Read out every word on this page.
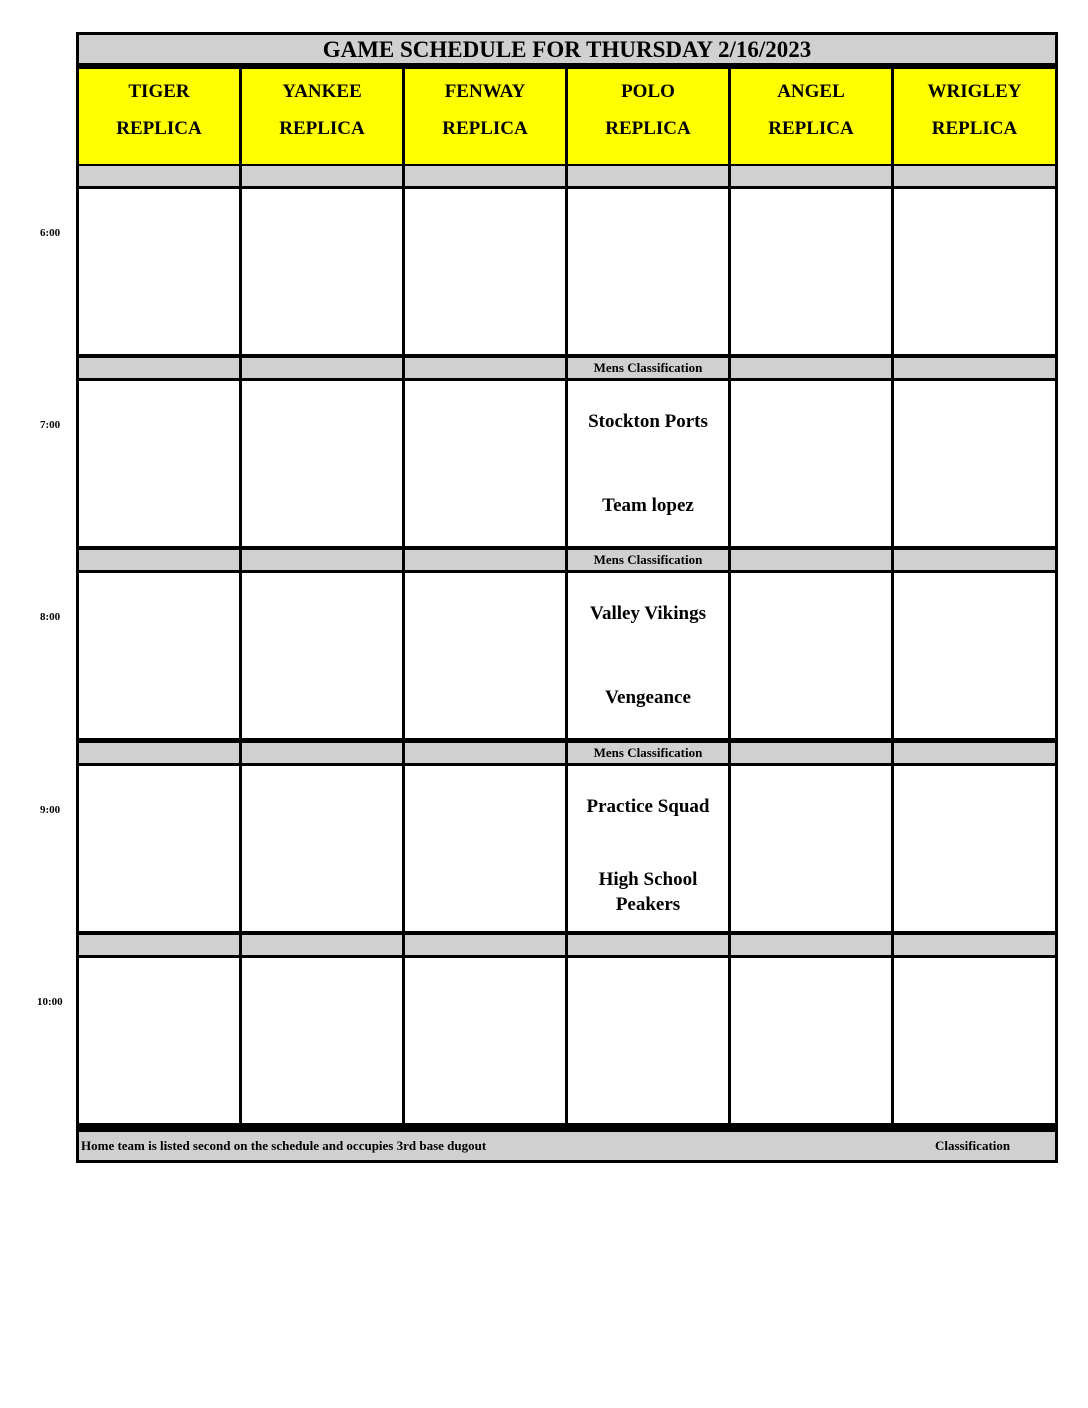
GAME SCHEDULE FOR THURSDAY 2/16/2023
TIGER
REPLICA
YANKEE
REPLICA
FENWAY
REPLICA
POLO
REPLICA
ANGEL
REPLICA
WRIGLEY
REPLICA
Mens Classification
Stockton Ports
Team lopez
Mens Classification
Valley Vikings
Vengeance
Mens Classification
Practice Squad
High School
Peakers
Home team is listed second on the schedule and occupies 3rd base dugout	Classification
6:00
7:00
8:00
9:00
10:00
